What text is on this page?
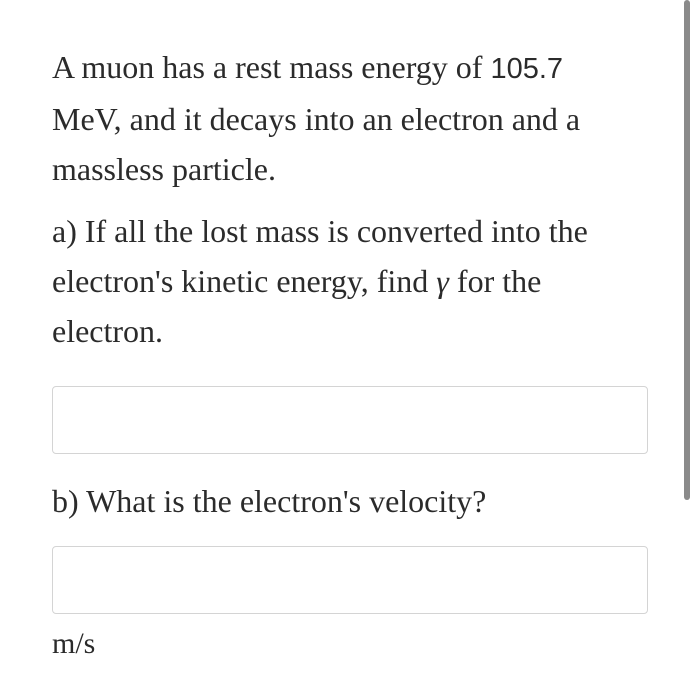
A muon has a rest mass energy of 105.7
MeV, and it decays into an electron and a massless particle.

a) If all the lost mass is converted into the electron's kinetic energy, find γ for the electron.

b) What is the electron's velocity?

m/s
